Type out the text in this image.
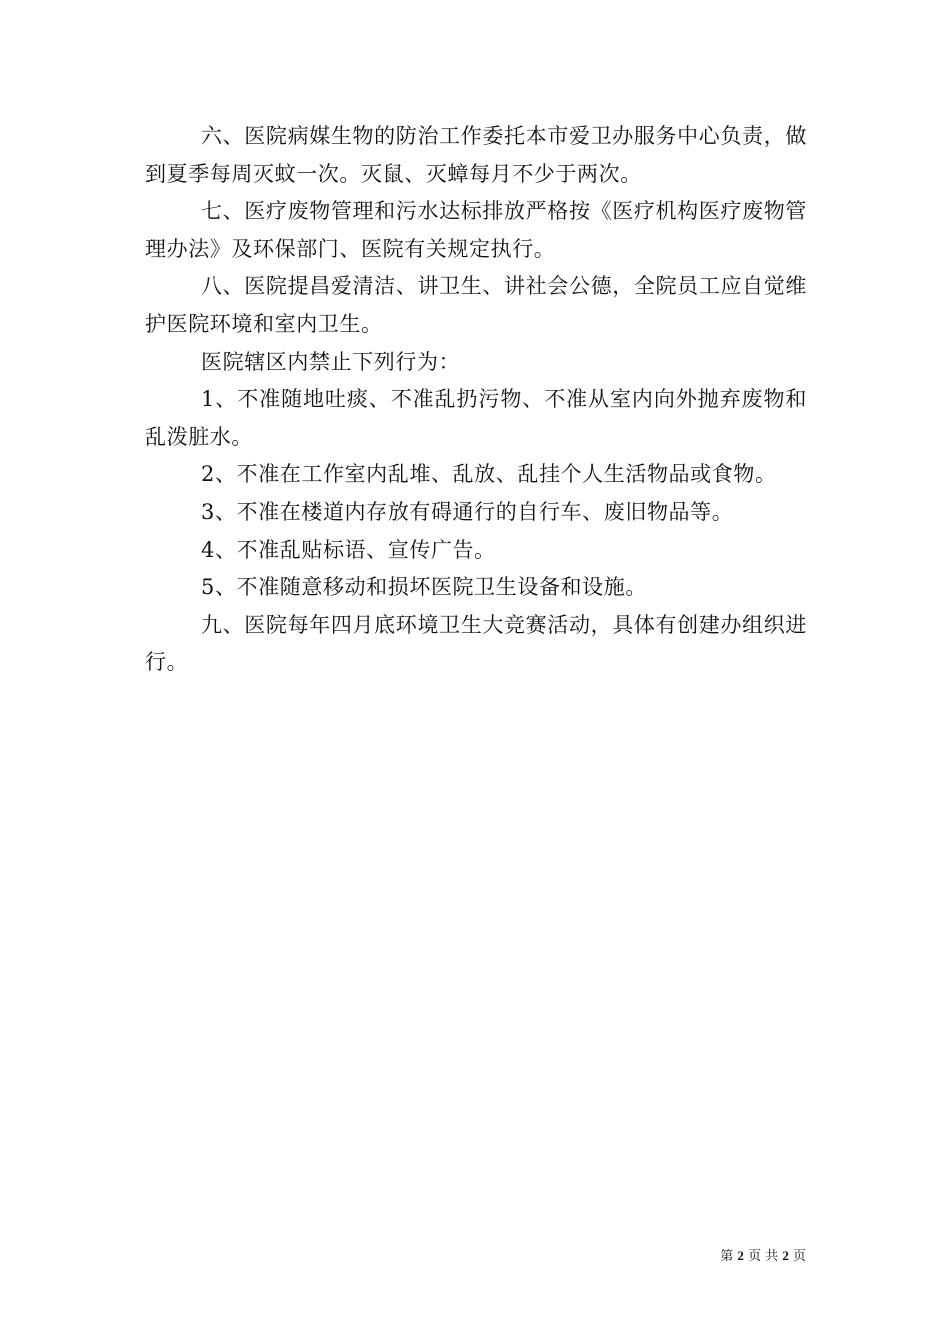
六、医院病媒生物的防治工作委托本市爱卫办服务中心负责，做到夏季每周灭蚊一次。灭鼠、灭蟑每月不少于两次。

七、医疗废物管理和污水达标排放严格按《医疗机构医疗废物管理办法》及环保部门、医院有关规定执行。

八、医院提昌爱清洁、讲卫生、讲社会公德，全院员工应自觉维护医院环境和室内卫生。

医院辖区内禁止下列行为：

1、不准随地吐痰、不准乱扔污物、不准从室内向外抛弃废物和乱泼脏水。

2、不准在工作室内乱堆、乱放、乱挂个人生活物品或食物。

3、不准在楼道内存放有碍通行的自行车、废旧物品等。

4、不准乱贴标语、宣传广告。

5、不准随意移动和损坏医院卫生设备和设施。

九、医院每年四月底环境卫生大竞赛活动，具体有创建办组织进行。

第 2 页 共 2 页
